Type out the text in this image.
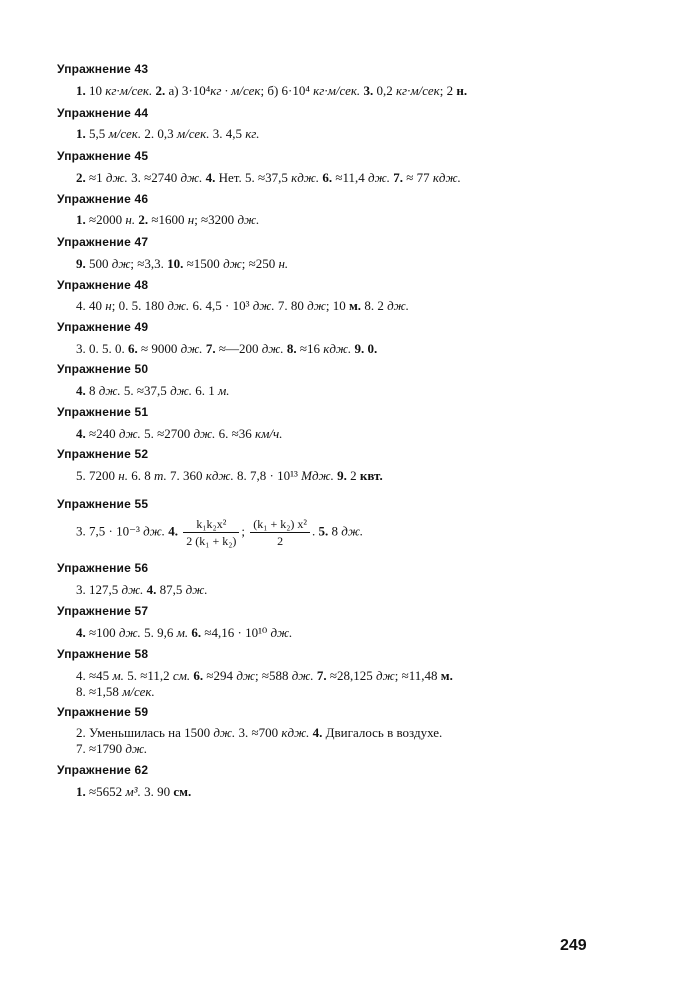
Упражнение 43
1. 10 кг·м/сек. 2. а) 3·10⁴кг · м/сек; б) 6·10⁴ кг·м/сек. 3. 0,2 кг·м/сек; 2 н.
Упражнение 44
1. 5,5 м/сек. 2. 0,3 м/сек. 3. 4,5 кг.
Упражнение 45
2. ≈1 дж. 3. ≈2740 дж. 4. Нет. 5. ≈37,5 кдж. 6. ≈11,4 дж. 7. ≈ 77 кдж.
Упражнение 46
1. ≈2000 н. 2. ≈1600 н; ≈3200 дж.
Упражнение 47
9. 500 дж; ≈3,3. 10. ≈1500 дж; ≈250 н.
Упражнение 48
4. 40 н; 0. 5. 180 дж. 6. 4,5 · 10³ дж. 7. 80 дж; 10 м. 8. 2 дж.
Упражнение 49
3. 0. 5. 0. 6. ≈ 9000 дж. 7. ≈—200 дж. 8. ≈16 кдж. 9. 0.
Упражнение 50
4. 8 дж. 5. ≈37,5 дж. 6. 1 м.
Упражнение 51
4. ≈240 дж. 5. ≈2700 дж. 6. ≈36 км/ч.
Упражнение 52
5. 7200 н. 6. 8 т. 7. 360 кдж. 8. 7,8 · 10¹³ Мдж. 9. 2 квт.
Упражнение 55
3. 7,5 · 10⁻³ дж. 4. $\frac{\text{k₁k₂x²}}{\text{2 (k₁ + k₂)}}$ ; $\frac{\text{(k₁ + k₂) x²}}{2}$ . 5. 8 дж.
Упражнение 56
3. 127,5 дж. 4. 87,5 дж.
Упражнение 57
4. ≈100 дж. 5. 9,6 м. 6. ≈4,16 · 10¹⁰ дж.
Упражнение 58
4. ≈45 м. 5. ≈11,2 см. 6. ≈294 дж; ≈588 дж. 7. ≈28,125 дж; ≈11,48 м.
8. ≈1,58 м/сек.
Упражнение 59
2. Уменьшилась на 1500 дж. 3. ≈700 кдж. 4. Двигалось в воздухе.
7. ≈1790 дж.
Упражнение 62
1. ≈5652 м³. 3. 90 см.
249
